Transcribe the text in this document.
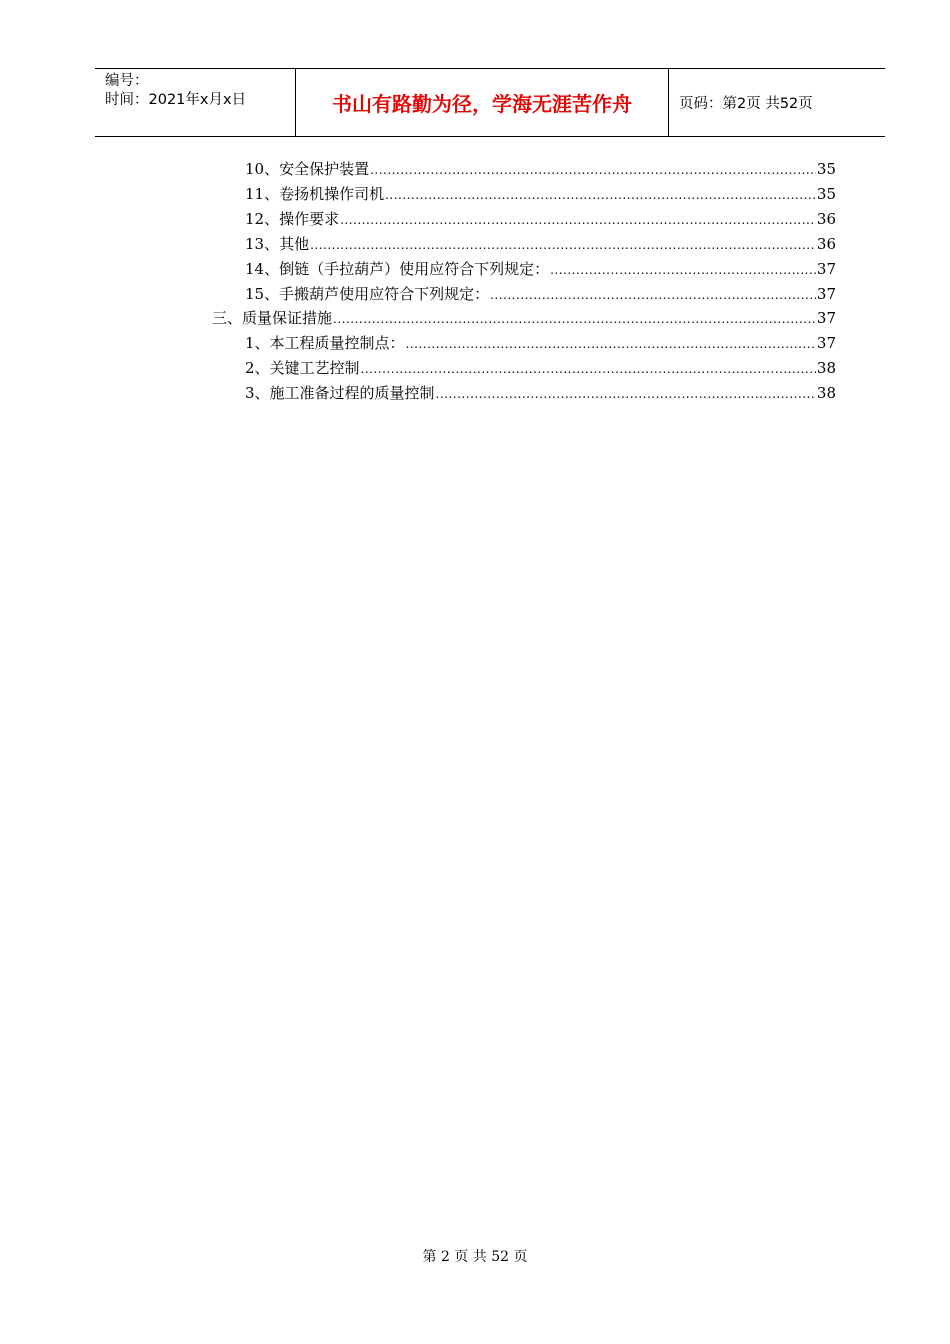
编号：
时间：2021年x月x日	书山有路勤为径，学海无涯苦作舟	页码：第2页 共52页
10、安全保护装置 .....	35
11、卷扬机操作司机 .....	35
12、操作要求 .....	36
13、其他 .....	36
14、倒链（手拉葫芦）使用应符合下列规定： .....	37
15、手搬葫芦使用应符合下列规定： .....	37
三、质量保证措施 .....	37
1、本工程质量控制点： .....	37
2、关键工艺控制 .....	38
3、施工准备过程的质量控制 .....	38
第 2 页 共 52 页
